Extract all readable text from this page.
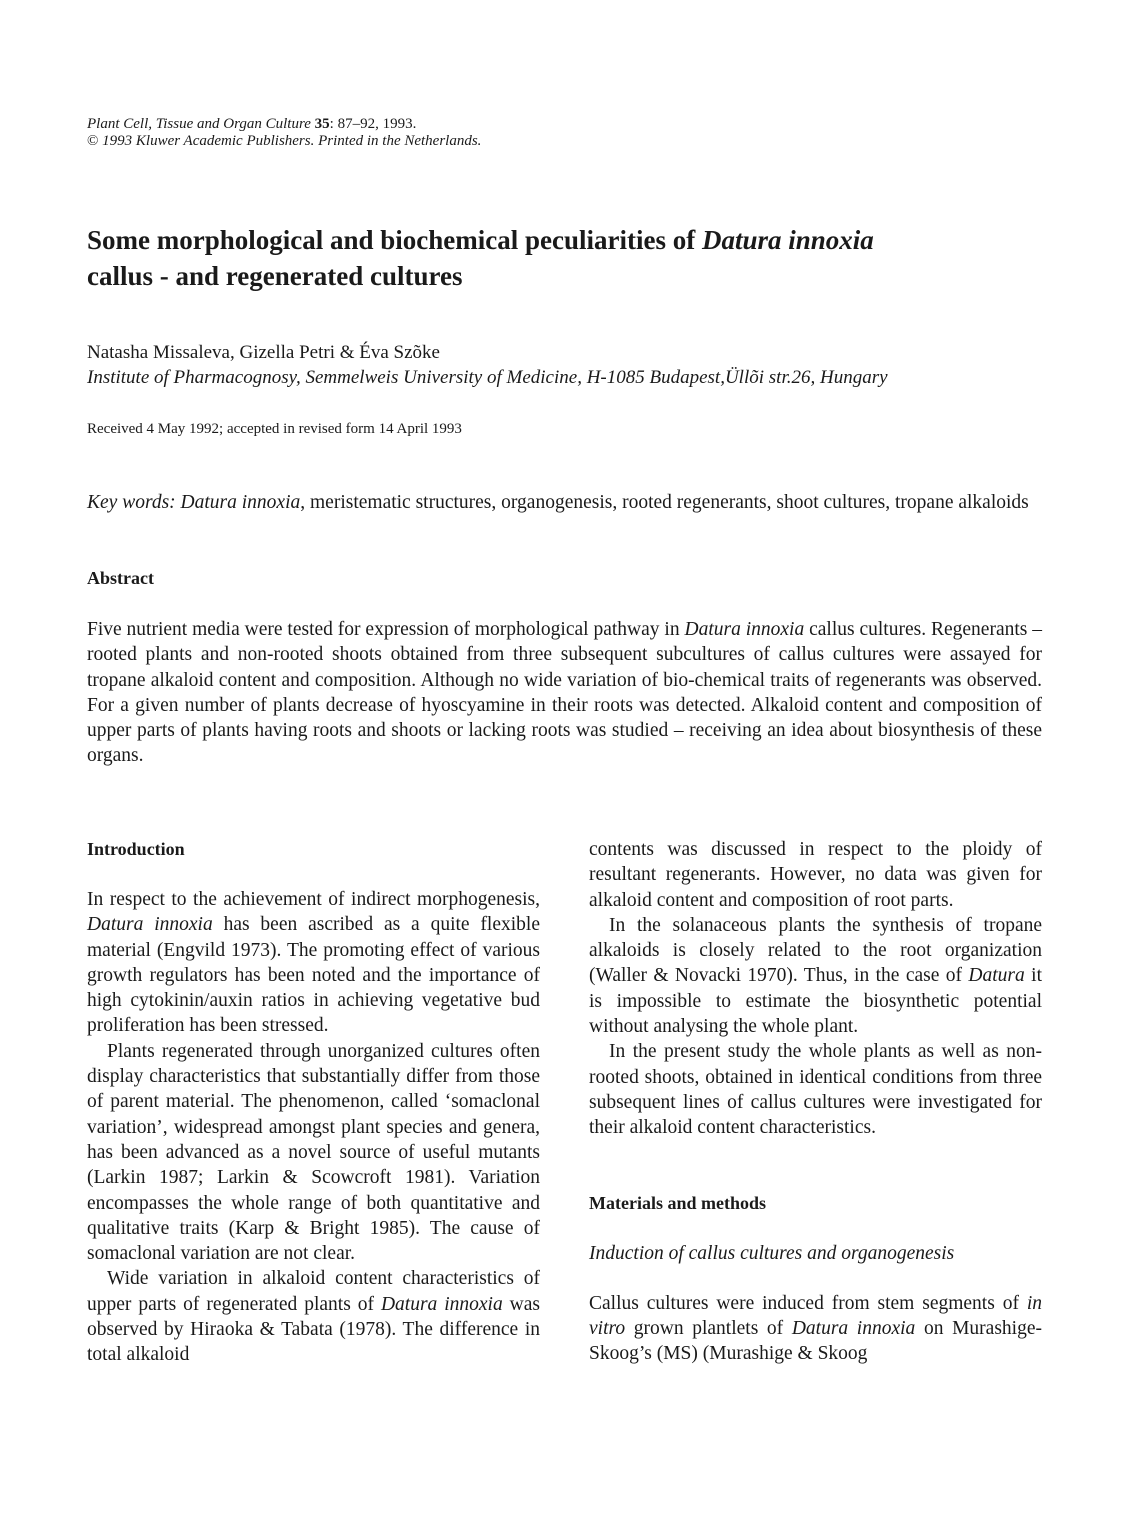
Plant Cell, Tissue and Organ Culture 35: 87–92, 1993.
© 1993 Kluwer Academic Publishers. Printed in the Netherlands.
Some morphological and biochemical peculiarities of Datura innoxia
callus - and regenerated cultures
Natasha Missaleva, Gizella Petri & Éva Szõke
Institute of Pharmacognosy, Semmelweis University of Medicine, H-1085 Budapest,Üllõi str.26, Hungary
Received 4 May 1992; accepted in revised form 14 April 1993
Key words: Datura innoxia, meristematic structures, organogenesis, rooted regenerants, shoot cultures, tropane alkaloids
Abstract

Five nutrient media were tested for expression of morphological pathway in Datura innoxia callus cultures. Regenerants – rooted plants and non-rooted shoots obtained from three subsequent subcultures of callus cultures were assayed for tropane alkaloid content and composition. Although no wide variation of bio-chemical traits of regenerants was observed. For a given number of plants decrease of hyoscyamine in their roots was detected. Alkaloid content and composition of upper parts of plants having roots and shoots or lacking roots was studied – receiving an idea about biosynthesis of these organs.

Introduction

In respect to the achievement of indirect morphogenesis, Datura innoxia has been ascribed as a quite flexible material (Engvild 1973). The promoting effect of various growth regulators has been noted and the importance of high cytokinin/auxin ratios in achieving vegetative bud proliferation has been stressed.

Plants regenerated through unorganized cultures often display characteristics that substantially differ from those of parent material. The phenomenon, called ‘somaclonal variation’, widespread amongst plant species and genera, has been advanced as a novel source of useful mutants (Larkin 1987; Larkin & Scowcroft 1981). Variation encompasses the whole range of both quantitative and qualitative traits (Karp & Bright 1985). The cause of somaclonal variation are not clear.

Wide variation in alkaloid content characteristics of upper parts of regenerated plants of Datura innoxia was observed by Hiraoka & Tabata (1978). The difference in total alkaloid

contents was discussed in respect to the ploidy of resultant regenerants. However, no data was given for alkaloid content and composition of root parts.

In the solanaceous plants the synthesis of tropane alkaloids is closely related to the root organization (Waller & Novacki 1970). Thus, in the case of Datura it is impossible to estimate the biosynthetic potential without analysing the whole plant.

In the present study the whole plants as well as non-rooted shoots, obtained in identical conditions from three subsequent lines of callus cultures were investigated for their alkaloid content characteristics.

Materials and methods

Induction of callus cultures and organogenesis

Callus cultures were induced from stem segments of in vitro grown plantlets of Datura innoxia on Murashige-Skoog’s (MS) (Murashige & Skoog
